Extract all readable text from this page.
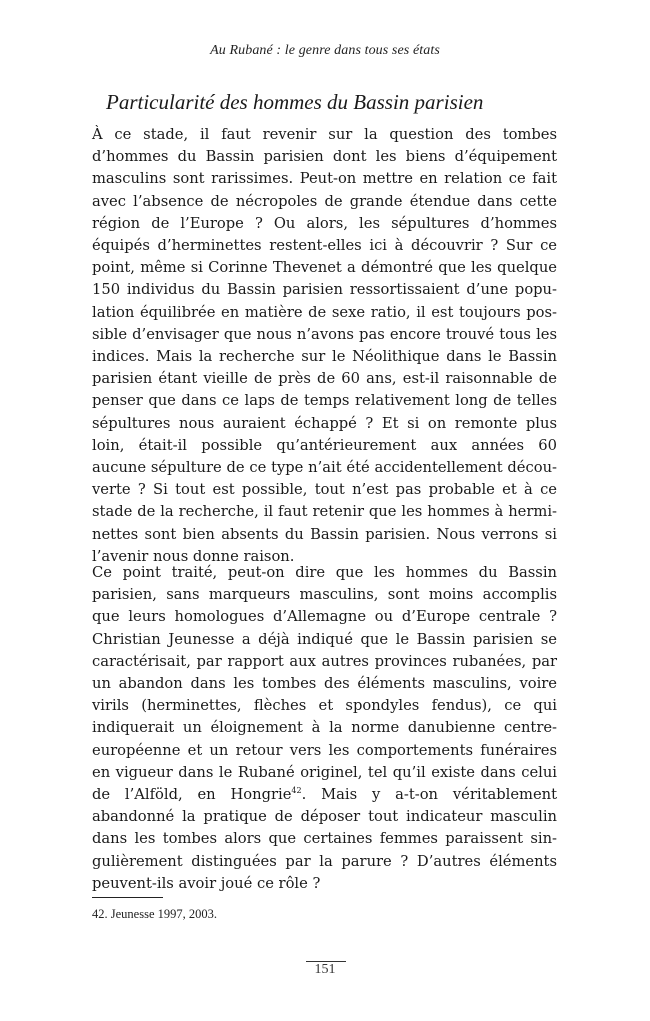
Au Rubané : le genre dans tous ses états
Particularité des hommes du Bassin parisien

À ce stade, il faut revenir sur la question des tombes d’hommes du Bassin parisien dont les biens d’équipement masculins sont rarissimes. Peut-on mettre en relation ce fait avec l’absence de nécropoles de grande étendue dans cette région de l’Europe ? Ou alors, les sépultures d’hommes équipés d’herminettes restent-elles ici à découvrir ? Sur ce point, même si Corinne Thevenet a démontré que les quelque 150 individus du Bassin parisien ressortissaient d’une population équilibrée en matière de sexe ratio, il est toujours possible d’envisager que nous n’avons pas encore trouvé tous les indices. Mais la recherche sur le Néolithique dans le Bassin parisien étant vieille de près de 60 ans, est-il raisonnable de penser que dans ce laps de temps relativement long de telles sépultures nous auraient échappé ? Et si on remonte plus loin, était-il possible qu’antérieurement aux années 60 aucune sépulture de ce type n’ait été accidentellement découverte ? Si tout est possible, tout n’est pas probable et à ce stade de la recherche, il faut retenir que les hommes à herminettes sont bien absents du Bassin parisien. Nous verrons si l’avenir nous donne raison.

Ce point traité, peut-on dire que les hommes du Bassin parisien, sans marqueurs masculins, sont moins accomplis que leurs homologues d’Allemagne ou d’Europe centrale ? Christian Jeunesse a déjà indiqué que le Bassin parisien se caractérisait, par rapport aux autres provinces rubanées, par un abandon dans les tombes des éléments masculins, voire virils (herminettes, flèches et spondyles fendus), ce qui indiquerait un éloignement à la norme danubienne centre-européenne et un retour vers les comportements funéraires en vigueur dans le Rubané originel, tel qu’il existe dans celui de l’Alföld, en Hongrie$^{42}$. Mais y a-t-on véritablement abandonné la pratique de déposer tout indicateur masculin dans les tombes alors que certaines femmes paraissent singulièrement distinguées par la parure ? D’autres éléments peuvent-ils avoir joué ce rôle ?

42. Jeunesse 1997, 2003.
151
